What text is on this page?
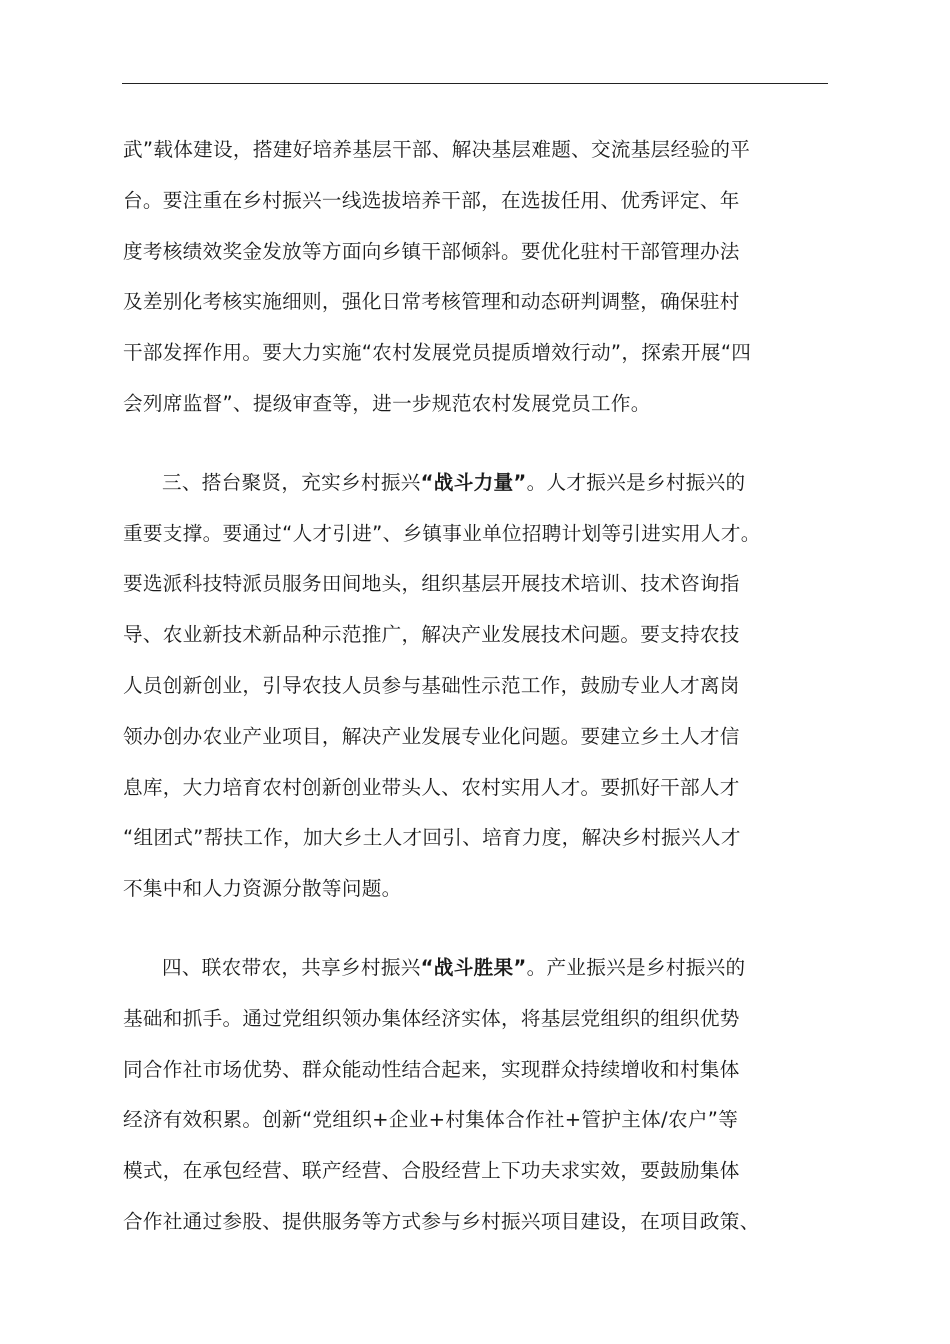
武”载体建设，搭建好培养基层干部、解决基层难题、交流基层经验的平
台。要注重在乡村振兴一线选拔培养干部，在选拔任用、优秀评定、年
度考核绩效奖金发放等方面向乡镇干部倾斜。要优化驻村干部管理办法
及差别化考核实施细则，强化日常考核管理和动态研判调整，确保驻村
干部发挥作用。要大力实施“农村发展党员提质增效行动”，探索开展“四
会列席监督”、提级审查等，进一步规范农村发展党员工作。
三、搭台聚贤，充实乡村振兴“战斗力量”。人才振兴是乡村振兴的
重要支撑。要通过“人才引进”、乡镇事业单位招聘计划等引进实用人才。
要选派科技特派员服务田间地头，组织基层开展技术培训、技术咨询指
导、农业新技术新品种示范推广，解决产业发展技术问题。要支持农技
人员创新创业，引导农技人员参与基础性示范工作，鼓励专业人才离岗
领办创办农业产业项目，解决产业发展专业化问题。要建立乡土人才信
息库，大力培育农村创新创业带头人、农村实用人才。要抓好干部人才
“组团式”帮扶工作，加大乡土人才回引、培育力度，解决乡村振兴人才
不集中和人力资源分散等问题。
四、联农带农，共享乡村振兴“战斗胜果”。产业振兴是乡村振兴的
基础和抓手。通过党组织领办集体经济实体，将基层党组织的组织优势
同合作社市场优势、群众能动性结合起来，实现群众持续增收和村集体
经济有效积累。创新“党组织+企业+村集体合作社+管护主体/农户”等
模式，在承包经营、联产经营、合股经营上下功夫求实效，要鼓励集体
合作社通过参股、提供服务等方式参与乡村振兴项目建设，在项目政策、
